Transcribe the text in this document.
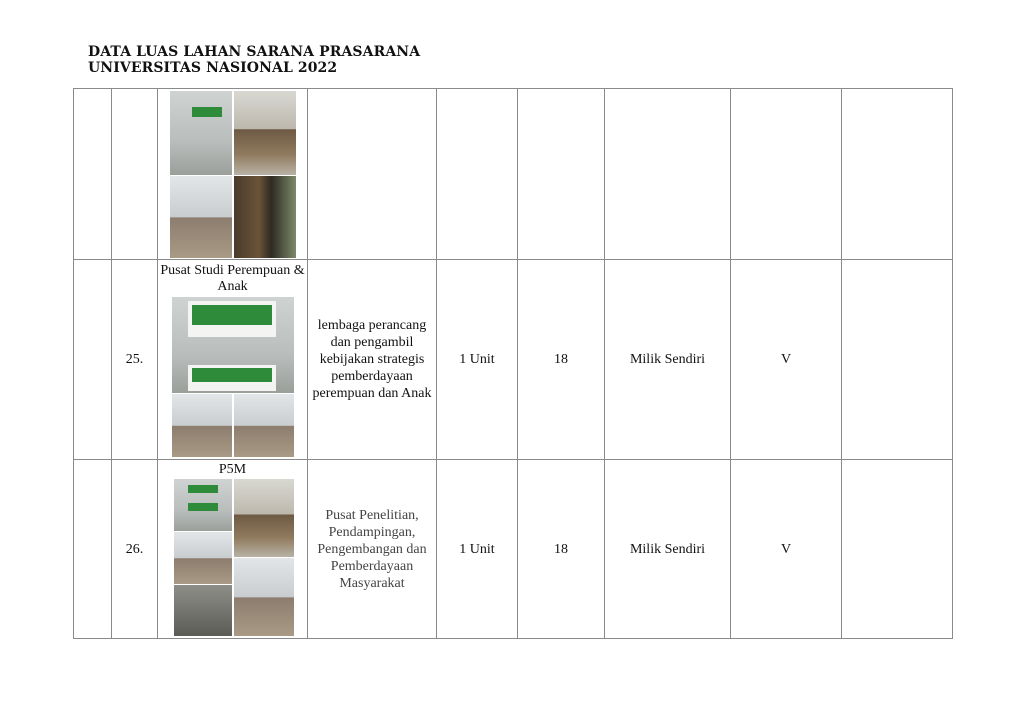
DATA LUAS LAHAN SARANA PRASARANA
UNIVERSITAS NASIONAL 2022

	25.	Pusat Studi Perempuan & Anak	lembaga perancang dan pengambil kebijakan strategis pemberdayaan perempuan dan Anak	1 Unit	18	Milik Sendiri	V	
	26.	P5M	Pusat Penelitian, Pendampingan, Pengembangan dan Pemberdayaan Masyarakat	1 Unit	18	Milik Sendiri	V	
